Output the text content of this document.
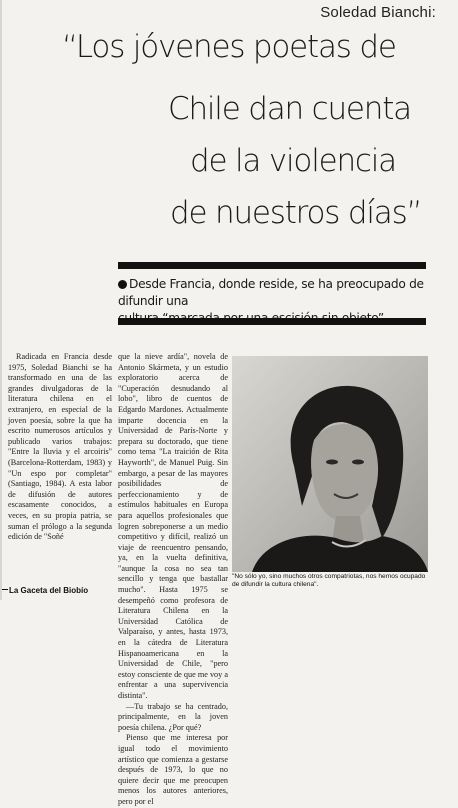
Soledad Bianchi:
“Los jóvenes poetas de
Chile dan cuenta
de la violencia
de nuestros días”
Desde Francia, donde reside, se ha preocupado de difundir una

Radicada en Francia desde 1975, Soledad Bianchi se ha transformado en una de las grandes divulgadoras de la literatura chilena en el extranjero, en especial de la joven poesía, sobre la que ha escrito numerosos artículos y publicado varios trabajos: "Entre la lluvia y el arcoiris" (Barcelona-Rotterdam, 1983) y "Un espo por completar" (Santiago, 1984). A esta labor de difusión de autores escasamente conocidos, a veces, en su propia patria, se suman el prólogo a la segunda edición de "Soñé

que la nieve ardía", novela de Antonio Skármeta, y un estudio exploratorio acerca de "Cuperación desnudando al lobo", libro de cuentos de Edgardo Mardones. Actualmente imparte docencia en la Universidad de París-Norte y prepara su doctorado, que tiene como tema "La traición de Rita Hayworth", de Manuel Puig. Sin embargo, a pesar de las mayores posibilidades de perfeccionamiento y de estímulos habituales en Europa para aquellos profesionales que logren sobreponerse a un medio competitivo y difícil, realizó un viaje de reencuentro pensando, ya, en la vuelta definitiva, "aunque la cosa no sea tan sencillo y tenga que bastallar mucho". Hasta 1975 se desempeñó como profesora de Literatura Chilena en la Universidad Católica de Valparaíso, y antes, hasta 1973, en la cátedra de Literatura Hispanoamericana en la Universidad de Chile, "pero estoy consciente de que me voy a enfrentar a una supervivencia distinta".

—Tu trabajo se ha centrado, principalmente, en la joven poesía chilena. ¿Por qué?

Pienso que me interesa por igual todo el movimiento artístico que comienza a gestarse después de 1973, lo que no quiere decir que me preocupen menos los autores anteriores, pero por el

"No sólo yo, sino muchos otros compatriotas, nos hemos ocupado de difundir la cultura chilena".
La Gaceta del Biobío
